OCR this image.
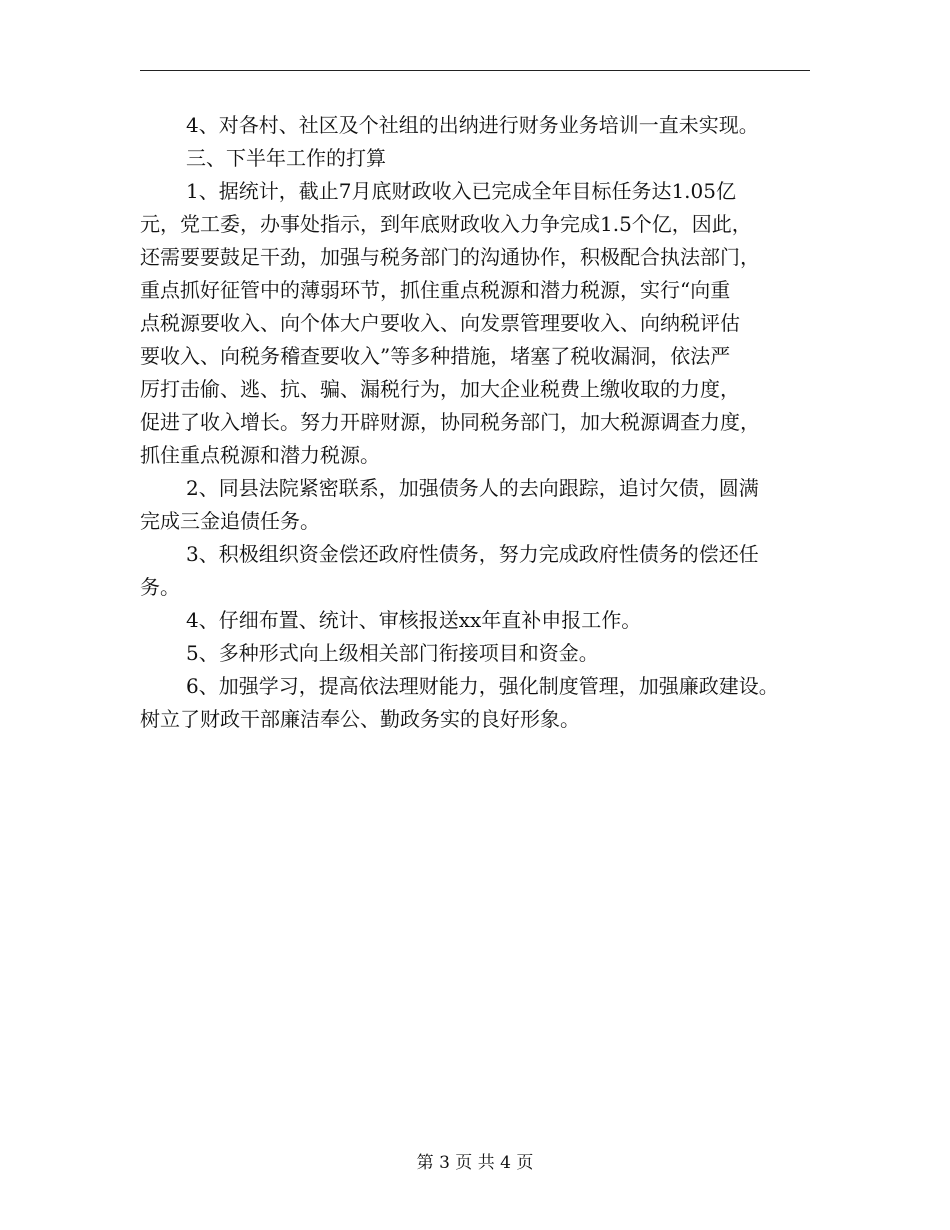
4、对各村、社区及个社组的出纳进行财务业务培训一直未实现。
三、下半年工作的打算
1、据统计，截止7月底财政收入已完成全年目标任务达1.05亿
元，党工委，办事处指示，到年底财政收入力争完成1.5个亿，因此，
还需要要鼓足干劲，加强与税务部门的沟通协作，积极配合执法部门，
重点抓好征管中的薄弱环节，抓住重点税源和潜力税源，实行“向重
点税源要收入、向个体大户要收入、向发票管理要收入、向纳税评估
要收入、向税务稽查要收入”等多种措施，堵塞了税收漏洞，依法严
厉打击偷、逃、抗、骗、漏税行为，加大企业税费上缴收取的力度，
促进了收入增长。努力开辟财源，协同税务部门，加大税源调查力度，
抓住重点税源和潜力税源。
2、同县法院紧密联系，加强债务人的去向跟踪，追讨欠债，圆满
完成三金追债任务。
3、积极组织资金偿还政府性债务，努力完成政府性债务的偿还任
务。
4、仔细布置、统计、审核报送xx年直补申报工作。
5、多种形式向上级相关部门衔接项目和资金。
6、加强学习，提高依法理财能力，强化制度管理，加强廉政建设。
树立了财政干部廉洁奉公、勤政务实的良好形象。
第 3 页 共 4 页
